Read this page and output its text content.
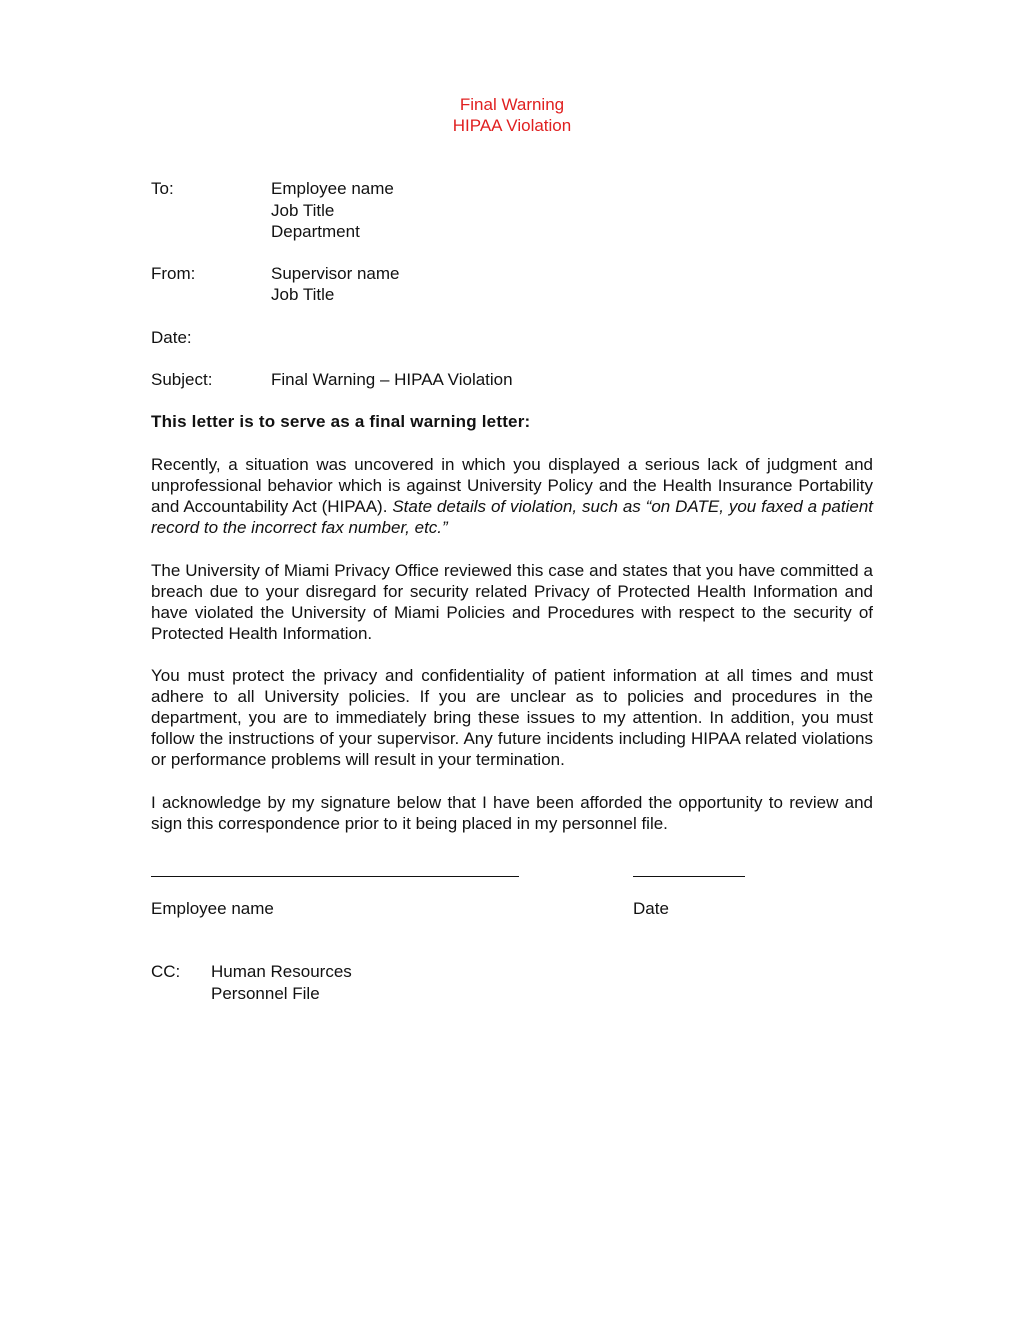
Final Warning
HIPAA Violation
To:	Employee name
Job Title
Department
From:	Supervisor name
Job Title
Date:
Subject:	Final Warning – HIPAA Violation
This letter is to serve as a final warning letter:
Recently, a situation was uncovered in which you displayed a serious lack of judgment and unprofessional behavior which is against University Policy and the Health Insurance Portability and Accountability Act (HIPAA). State details of violation, such as “on DATE, you faxed a patient record to the incorrect fax number, etc.”
The University of Miami Privacy Office reviewed this case and states that you have committed a breach due to your disregard for security related Privacy of Protected Health Information and have violated the University of Miami Policies and Procedures with respect to the security of Protected Health Information.
You must protect the privacy and confidentiality of patient information at all times and must adhere to all University policies. If you are unclear as to policies and procedures in the department, you are to immediately bring these issues to my attention. In addition, you must follow the instructions of your supervisor. Any future incidents including HIPAA related violations or performance problems will result in your termination.
I acknowledge by my signature below that I have been afforded the opportunity to review and sign this correspondence prior to it being placed in my personnel file.
Employee name	Date
CC: Human Resources
Personnel File
